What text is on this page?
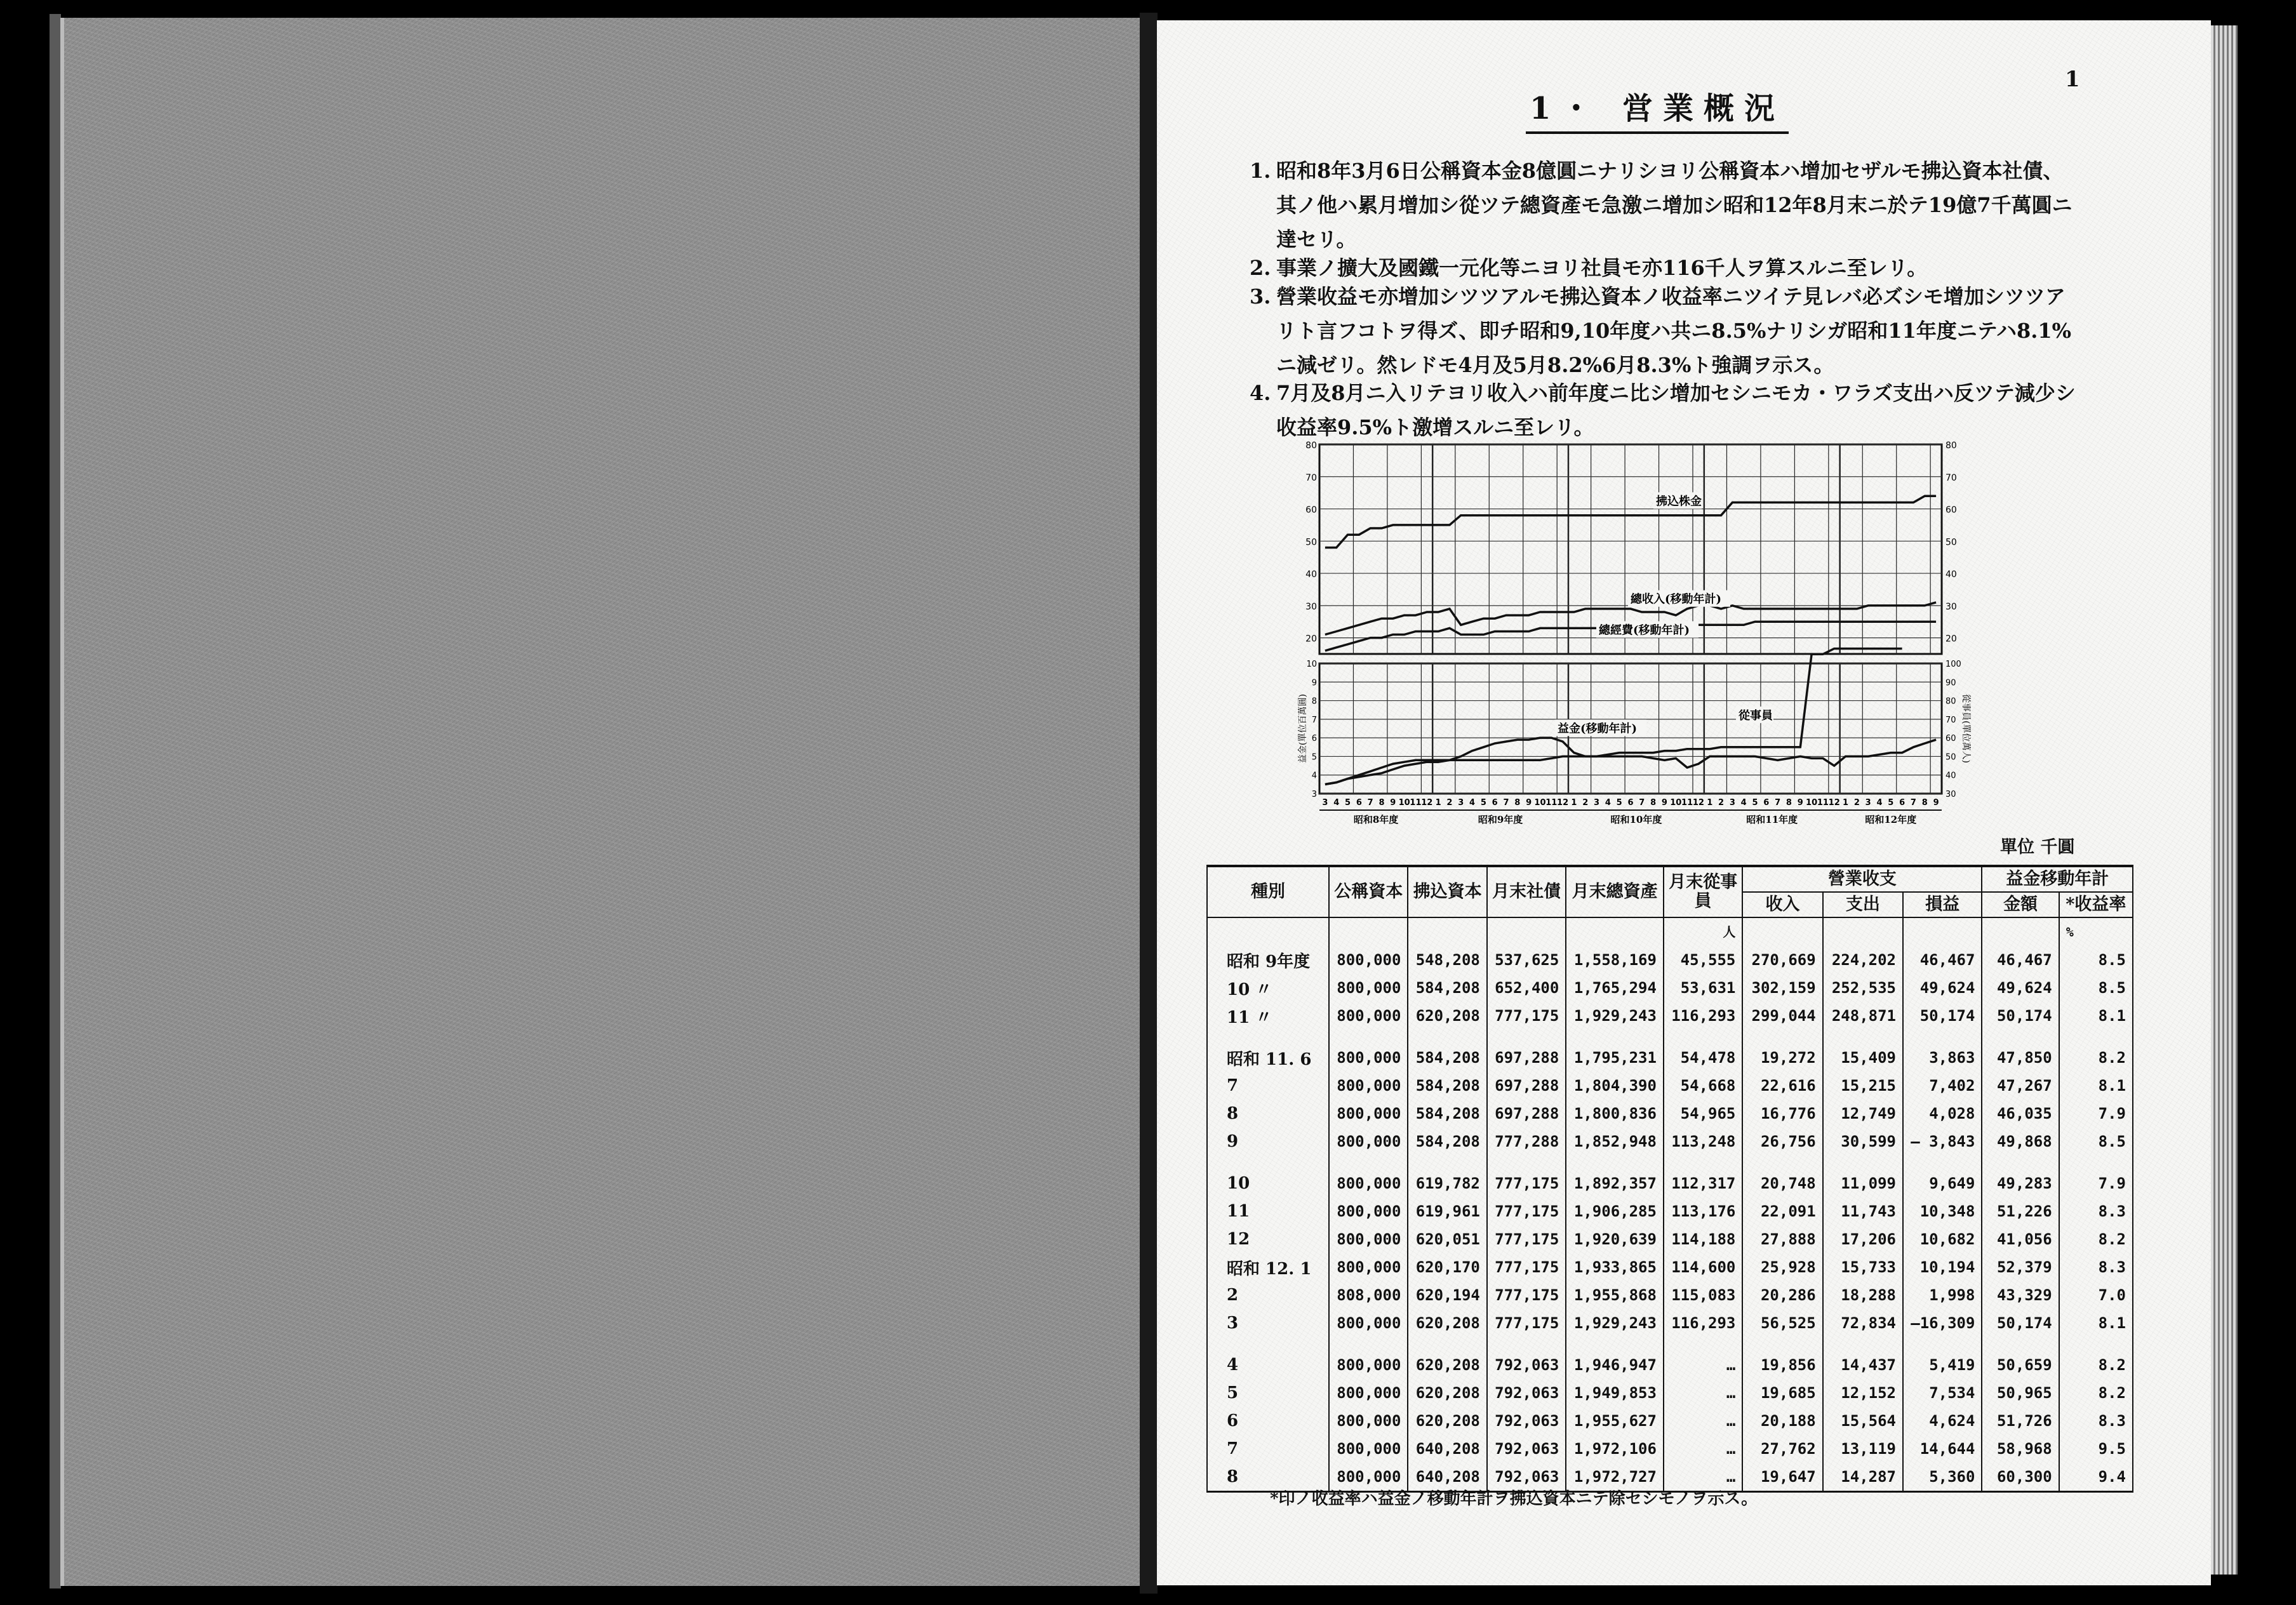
1
1・ 営業概況
1. 昭和8年3月6日公稱資本金8億圓ニナリシヨリ公稱資本ハ增加セザルモ拂込資本社債、其ノ他ハ累月增加シ從ツテ總資產モ急激ニ增加シ昭和12年8月末ニ於テ19億7千萬圓ニ達セリ。
2. 事業ノ擴大及國鐵一元化等ニヨリ社員モ亦116千人ヲ算スルニ至レリ。
3. 營業收益モ亦增加シツツアルモ拂込資本ノ收益率ニツイテ見レバ必ズシモ增加シツツアリト言フコトヲ得ズ、即チ昭和9,10年度ハ共ニ8.5%ナリシガ昭和11年度ニテハ8.1%ニ減ゼリ。然レドモ4月及5月8.2%6月8.3%ト強調ヲ示ス。
4. 7月及8月ニ入リテヨリ收入ハ前年度ニ比シ增加セシニモカ・ワラズ支出ハ反ツテ減少シ收益率9.5%ト激增スルニ至レリ。
80	80
70	70
60	60
50	50
40	40
30	30
20	20
10	100
9	90
8	80
7	70
6	60
5	50
4	40
3	30
益金(單位百萬圓)	從事員(單位萬人)
拂込株金
總收入(移動年計)
總經費(移動年計)
益金(移動年計)
從事員
3 4 5 6 7 8 9 10 11 12 1 2 3 4 5 6 7 8 9 10 11 12 1 2 3 4 5 6 7 8 9 10 11 12 1 2 3 4 5 6 7 8 9 10 11 12 1 2 3 4 5 6 7 8 9
昭和8年度	昭和9年度	昭和10年度	昭和11年度	昭和12年度
單位 千圓
種別	公稱資本	拂込資本	月末社債	月末總資產	月末從事員	營業收支			益金移動年計	
						收入	支出	損益	金額	*收益率
					人					%
昭和 9年度	800,000	548,208	537,625	1,558,169	45,555	270,669	224,202	46,467	46,467	8.5
10 〃	800,000	584,208	652,400	1,765,294	53,631	302,159	252,535	49,624	49,624	8.5
11 〃	800,000	620,208	777,175	1,929,243	116,293	299,044	248,871	50,174	50,174	8.1

昭和 11. 6	800,000	584,208	697,288	1,795,231	54,478	19,272	15,409	3,863	47,850	8.2
7	800,000	584,208	697,288	1,804,390	54,668	22,616	15,215	7,402	47,267	8.1
8	800,000	584,208	697,288	1,800,836	54,965	16,776	12,749	4,028	46,035	7.9
9	800,000	584,208	777,288	1,852,948	113,248	26,756	30,599	— 3,843	49,868	8.5

10	800,000	619,782	777,175	1,892,357	112,317	20,748	11,099	9,649	49,283	7.9
11	800,000	619,961	777,175	1,906,285	113,176	22,091	11,743	10,348	51,226	8.3
12	800,000	620,051	777,175	1,920,639	114,188	27,888	17,206	10,682	41,056	8.2
昭和 12. 1	800,000	620,170	777,175	1,933,865	114,600	25,928	15,733	10,194	52,379	8.3
2	808,000	620,194	777,175	1,955,868	115,083	20,286	18,288	1,998	43,329	7.0
3	800,000	620,208	777,175	1,929,243	116,293	56,525	72,834	—16,309	50,174	8.1

4	800,000	620,208	792,063	1,946,947	…	19,856	14,437	5,419	50,659	8.2
5	800,000	620,208	792,063	1,949,853	…	19,685	12,152	7,534	50,965	8.2
6	800,000	620,208	792,063	1,955,627	…	20,188	15,564	4,624	51,726	8.3
7	800,000	640,208	792,063	1,972,106	…	27,762	13,119	14,644	58,968	9.5
8	800,000	640,208	792,063	1,972,727	…	19,647	14,287	5,360	60,300	9.4
*印ノ收益率ハ益金ノ移動年計ヲ拂込資本ニテ除セシモノヲ示ス。
